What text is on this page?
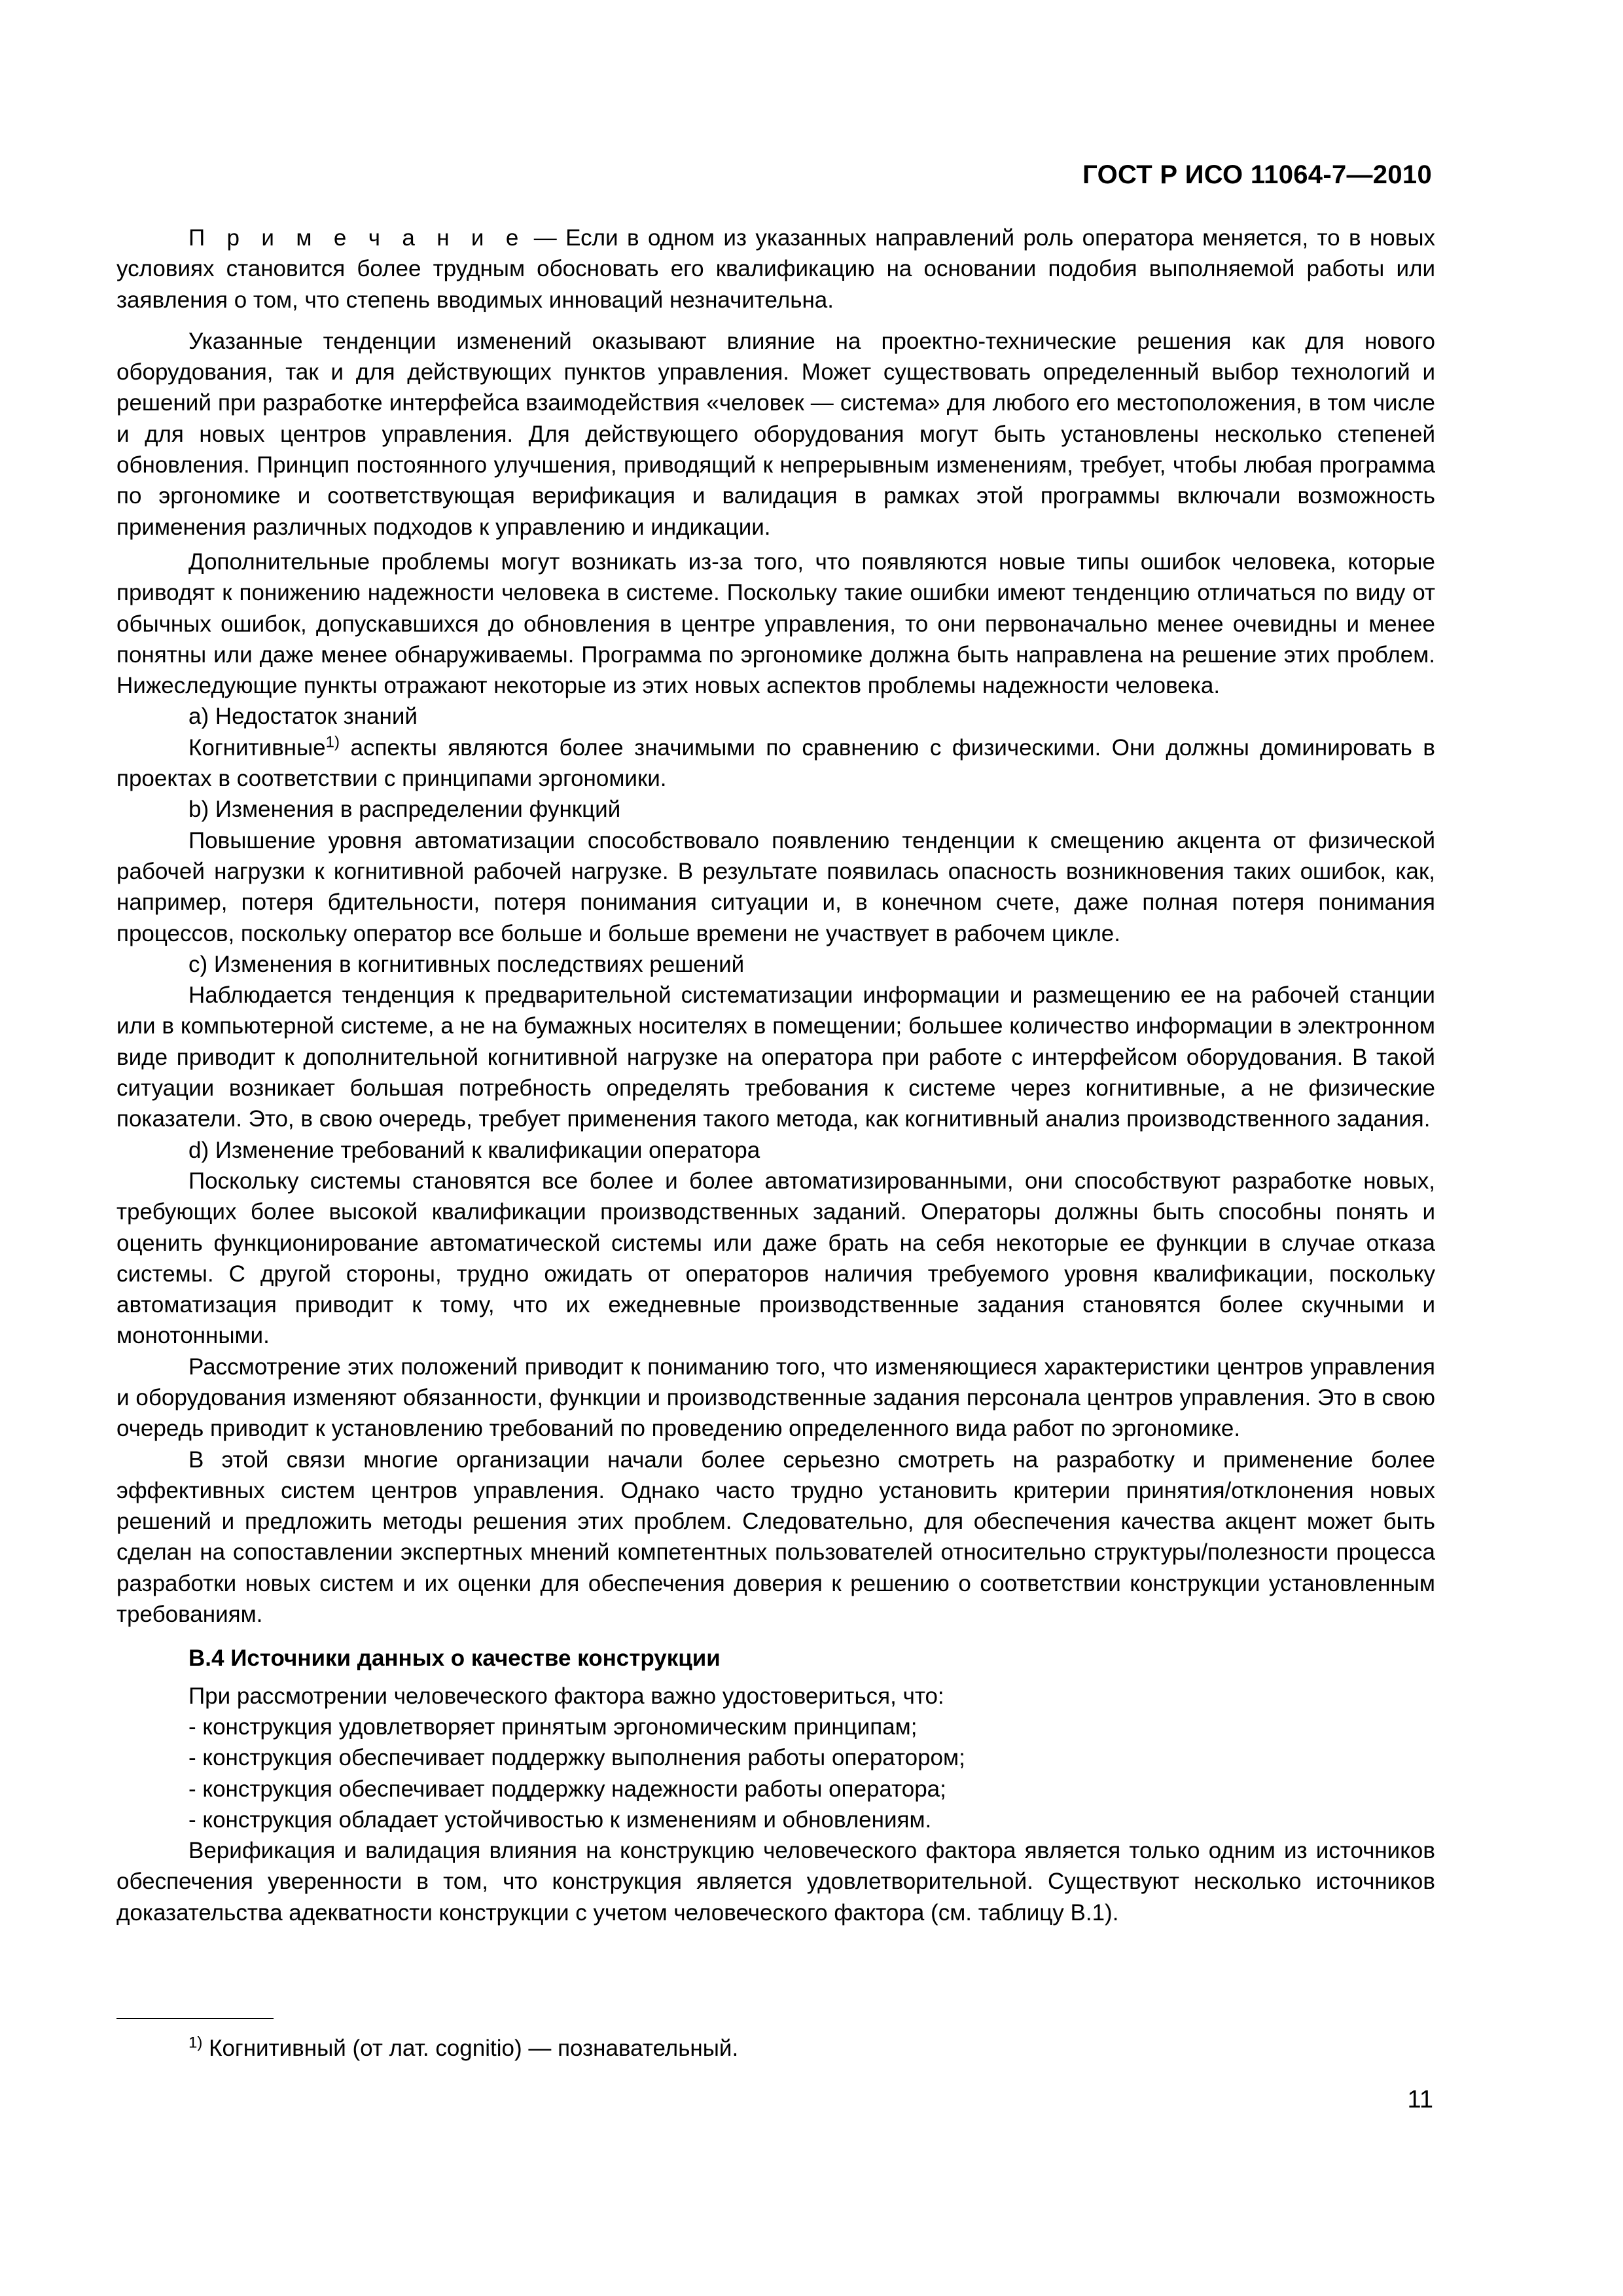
ГОСТ Р ИСО 11064-7—2010

П р и м е ч а н и е — Если в одном из указанных направлений роль оператора меняется, то в новых условиях становится более трудным обосновать его квалификацию на основании подобия выполняемой работы или заявления о том, что степень вводимых инноваций незначительна.

Указанные тенденции изменений оказывают влияние на проектно-технические решения как для нового оборудования, так и для действующих пунктов управления. Может существовать определенный выбор технологий и решений при разработке интерфейса взаимодействия «человек — система» для любого его местоположения, в том числе и для новых центров управления. Для действующего оборудования могут быть установлены несколько степеней обновления. Принцип постоянного улучшения, приводящий к непрерывным изменениям, требует, чтобы любая программа по эргономике и соответствующая верификация и валидация в рамках этой программы включали возможность применения различных подходов к управлению и индикации.

Дополнительные проблемы могут возникать из-за того, что появляются новые типы ошибок человека, которые приводят к понижению надежности человека в системе. Поскольку такие ошибки имеют тенденцию отличаться по виду от обычных ошибок, допускавшихся до обновления в центре управления, то они первоначально менее очевидны и менее понятны или даже менее обнаруживаемы. Программа по эргономике должна быть направлена на решение этих проблем. Нижеследующие пункты отражают некоторые из этих новых аспектов проблемы надежности человека.

a) Недостаток знаний

Когнитивные$^{1)}$ аспекты являются более значимыми по сравнению с физическими. Они должны доминировать в проектах в соответствии с принципами эргономики.

b) Изменения в распределении функций

Повышение уровня автоматизации способствовало появлению тенденции к смещению акцента от физической рабочей нагрузки к когнитивной рабочей нагрузке. В результате появилась опасность возникновения таких ошибок, как, например, потеря бдительности, потеря понимания ситуации и, в конечном счете, даже полная потеря понимания процессов, поскольку оператор все больше и больше времени не участвует в рабочем цикле.

c) Изменения в когнитивных последствиях решений

Наблюдается тенденция к предварительной систематизации информации и размещению ее на рабочей станции или в компьютерной системе, а не на бумажных носителях в помещении; большее количество информации в электронном виде приводит к дополнительной когнитивной нагрузке на оператора при работе с интерфейсом оборудования. В такой ситуации возникает большая потребность определять требования к системе через когнитивные, а не физические показатели. Это, в свою очередь, требует применения такого метода, как когнитивный анализ производственного задания.

d) Изменение требований к квалификации оператора

Поскольку системы становятся все более и более автоматизированными, они способствуют разработке новых, требующих более высокой квалификации производственных заданий. Операторы должны быть способны понять и оценить функционирование автоматической системы или даже брать на себя некоторые ее функции в случае отказа системы. С другой стороны, трудно ожидать от операторов наличия требуемого уровня квалификации, поскольку автоматизация приводит к тому, что их ежедневные производственные задания становятся более скучными и монотонными.

Рассмотрение этих положений приводит к пониманию того, что изменяющиеся характеристики центров управления и оборудования изменяют обязанности, функции и производственные задания персонала центров управления. Это в свою очередь приводит к установлению требований по проведению определенного вида работ по эргономике.

В этой связи многие организации начали более серьезно смотреть на разработку и применение более эффективных систем центров управления. Однако часто трудно установить критерии принятия/отклонения новых решений и предложить методы решения этих проблем. Следовательно, для обеспечения качества акцент может быть сделан на сопоставлении экспертных мнений компетентных пользователей относительно структуры/полезности процесса разработки новых систем и их оценки для обеспечения доверия к решению о соответствии конструкции установленным требованиям.

В.4 Источники данных о качестве конструкции

При рассмотрении человеческого фактора важно удостовериться, что:

- конструкция удовлетворяет принятым эргономическим принципам;

- конструкция обеспечивает поддержку выполнения работы оператором;

- конструкция обеспечивает поддержку надежности работы оператора;

- конструкция обладает устойчивостью к изменениям и обновлениям.

Верификация и валидация влияния на конструкцию человеческого фактора является только одним из источников обеспечения уверенности в том, что конструкция является удовлетворительной. Существуют несколько источников доказательства адекватности конструкции с учетом человеческого фактора (см. таблицу В.1).

$^{1)}$ Когнитивный (от лат. cognitio) — познавательный.
11
